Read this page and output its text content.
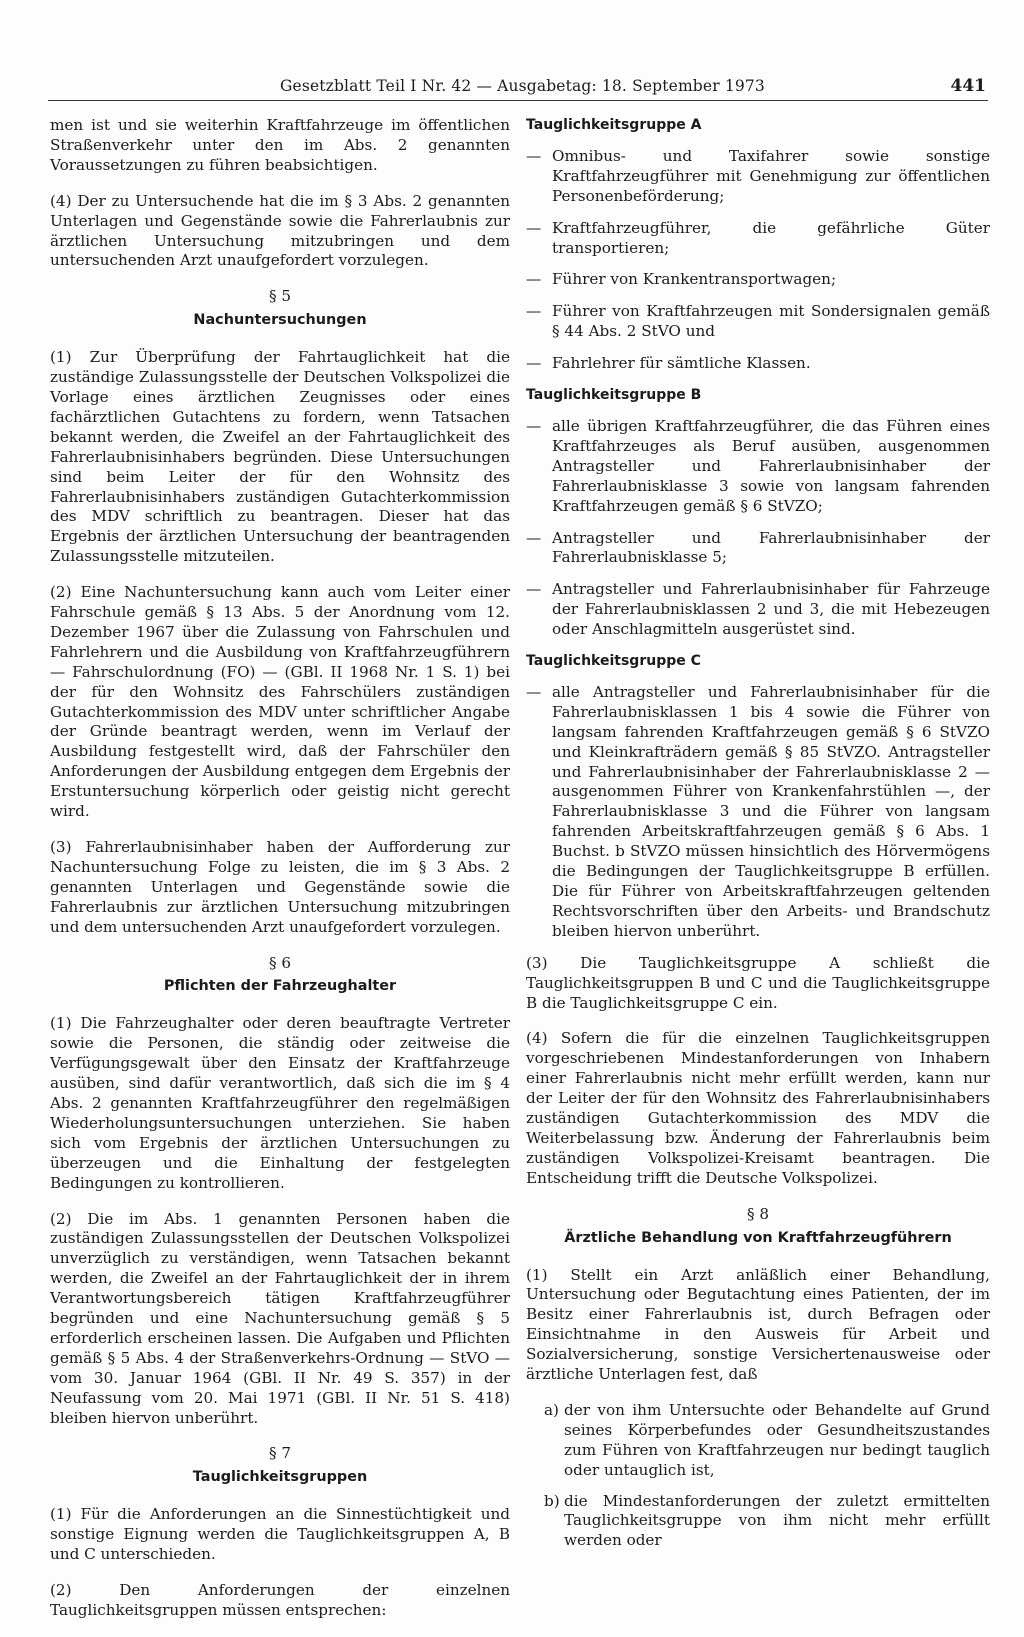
Gesetzblatt Teil I Nr. 42 — Ausgabetag: 18. September 1973	441

men ist und sie weiterhin Kraftfahrzeuge im öffentlichen Straßenverkehr unter den im Abs. 2 genannten Voraussetzungen zu führen beabsichtigen.

(4) Der zu Untersuchende hat die im § 3 Abs. 2 genannten Unterlagen und Gegenstände sowie die Fahrerlaubnis zur ärztlichen Untersuchung mitzubringen und dem untersuchenden Arzt unaufgefordert vorzulegen.

§ 5
Nachuntersuchungen

(1) Zur Überprüfung der Fahrtauglichkeit hat die zuständige Zulassungsstelle der Deutschen Volkspolizei die Vorlage eines ärztlichen Zeugnisses oder eines fachärztlichen Gutachtens zu fordern, wenn Tatsachen bekannt werden, die Zweifel an der Fahrtauglichkeit des Fahrerlaubnisinhabers begründen. Diese Untersuchungen sind beim Leiter der für den Wohnsitz des Fahrerlaubnisinhabers zuständigen Gutachterkommission des MDV schriftlich zu beantragen. Dieser hat das Ergebnis der ärztlichen Untersuchung der beantragenden Zulassungsstelle mitzuteilen.

(2) Eine Nachuntersuchung kann auch vom Leiter einer Fahrschule gemäß § 13 Abs. 5 der Anordnung vom 12. Dezember 1967 über die Zulassung von Fahrschulen und Fahrlehrern und die Ausbildung von Kraftfahrzeugführern — Fahrschulordnung (FO) — (GBl. II 1968 Nr. 1 S. 1) bei der für den Wohnsitz des Fahrschülers zuständigen Gutachterkommission des MDV unter schriftlicher Angabe der Gründe beantragt werden, wenn im Verlauf der Ausbildung festgestellt wird, daß der Fahrschüler den Anforderungen der Ausbildung entgegen dem Ergebnis der Erstuntersuchung körperlich oder geistig nicht gerecht wird.

(3) Fahrerlaubnisinhaber haben der Aufforderung zur Nachuntersuchung Folge zu leisten, die im § 3 Abs. 2 genannten Unterlagen und Gegenstände sowie die Fahrerlaubnis zur ärztlichen Untersuchung mitzubringen und dem untersuchenden Arzt unaufgefordert vorzulegen.

§ 6
Pflichten der Fahrzeughalter

(1) Die Fahrzeughalter oder deren beauftragte Vertreter sowie die Personen, die ständig oder zeitweise die Verfügungsgewalt über den Einsatz der Kraftfahrzeuge ausüben, sind dafür verantwortlich, daß sich die im § 4 Abs. 2 genannten Kraftfahrzeugführer den regelmäßigen Wiederholungsuntersuchungen unterziehen. Sie haben sich vom Ergebnis der ärztlichen Untersuchungen zu überzeugen und die Einhaltung der festgelegten Bedingungen zu kontrollieren.

(2) Die im Abs. 1 genannten Personen haben die zuständigen Zulassungsstellen der Deutschen Volkspolizei unverzüglich zu verständigen, wenn Tatsachen bekannt werden, die Zweifel an der Fahrtauglichkeit der in ihrem Verantwortungsbereich tätigen Kraftfahrzeugführer begründen und eine Nachuntersuchung gemäß § 5 erforderlich erscheinen lassen. Die Aufgaben und Pflichten gemäß § 5 Abs. 4 der Straßenverkehrs-Ordnung — StVO — vom 30. Januar 1964 (GBl. II Nr. 49 S. 357) in der Neufassung vom 20. Mai 1971 (GBl. II Nr. 51 S. 418) bleiben hiervon unberührt.

§ 7
Tauglichkeitsgruppen

(1) Für die Anforderungen an die Sinnestüchtigkeit und sonstige Eignung werden die Tauglichkeitsgruppen A, B und C unterschieden.

(2) Den Anforderungen der einzelnen Tauglichkeitsgruppen müssen entsprechen:

Tauglichkeitsgruppe A
— Omnibus- und Taxifahrer sowie sonstige Kraftfahrzeugführer mit Genehmigung zur öffentlichen Personenbeförderung;
— Kraftfahrzeugführer, die gefährliche Güter transportieren;
— Führer von Krankentransportwagen;
— Führer von Kraftfahrzeugen mit Sondersignalen gemäß § 44 Abs. 2 StVO und
— Fahrlehrer für sämtliche Klassen.
Tauglichkeitsgruppe B
— alle übrigen Kraftfahrzeugführer, die das Führen eines Kraftfahrzeuges als Beruf ausüben, ausgenommen Antragsteller und Fahrerlaubnisinhaber der Fahrerlaubnisklasse 3 sowie von langsam fahrenden Kraftfahrzeugen gemäß § 6 StVZO;
— Antragsteller und Fahrerlaubnisinhaber der Fahrerlaubnisklasse 5;
— Antragsteller und Fahrerlaubnisinhaber für Fahrzeuge der Fahrerlaubnisklassen 2 und 3, die mit Hebezeugen oder Anschlagmitteln ausgerüstet sind.
Tauglichkeitsgruppe C
— alle Antragsteller und Fahrerlaubnisinhaber für die Fahrerlaubnisklassen 1 bis 4 sowie die Führer von langsam fahrenden Kraftfahrzeugen gemäß § 6 StVZO und Kleinkrafträdern gemäß § 85 StVZO. Antragsteller und Fahrerlaubnisinhaber der Fahrerlaubnisklasse 2 — ausgenommen Führer von Krankenfahrstühlen —, der Fahrerlaubnisklasse 3 und die Führer von langsam fahrenden Arbeitskraftfahrzeugen gemäß § 6 Abs. 1 Buchst. b StVZO müssen hinsichtlich des Hörvermögens die Bedingungen der Tauglichkeitsgruppe B erfüllen. Die für Führer von Arbeitskraftfahrzeugen geltenden Rechtsvorschriften über den Arbeits- und Brandschutz bleiben hiervon unberührt.

(3) Die Tauglichkeitsgruppe A schließt die Tauglichkeitsgruppen B und C und die Tauglichkeitsgruppe B die Tauglichkeitsgruppe C ein.

(4) Sofern die für die einzelnen Tauglichkeitsgruppen vorgeschriebenen Mindestanforderungen von Inhabern einer Fahrerlaubnis nicht mehr erfüllt werden, kann nur der Leiter der für den Wohnsitz des Fahrerlaubnisinhabers zuständigen Gutachterkommission des MDV die Weiterbelassung bzw. Änderung der Fahrerlaubnis beim zuständigen Volkspolizei-Kreisamt beantragen. Die Entscheidung trifft die Deutsche Volkspolizei.

§ 8
Ärztliche Behandlung von Kraftfahrzeugführern

(1) Stellt ein Arzt anläßlich einer Behandlung, Untersuchung oder Begutachtung eines Patienten, der im Besitz einer Fahrerlaubnis ist, durch Befragen oder Einsichtnahme in den Ausweis für Arbeit und Sozialversicherung, sonstige Versichertenausweise oder ärztliche Unterlagen fest, daß

a) der von ihm Untersuchte oder Behandelte auf Grund seines Körperbefundes oder Gesundheitszustandes zum Führen von Kraftfahrzeugen nur bedingt tauglich oder untauglich ist,
b) die Mindestanforderungen der zuletzt ermittelten Tauglichkeitsgruppe von ihm nicht mehr erfüllt werden oder
